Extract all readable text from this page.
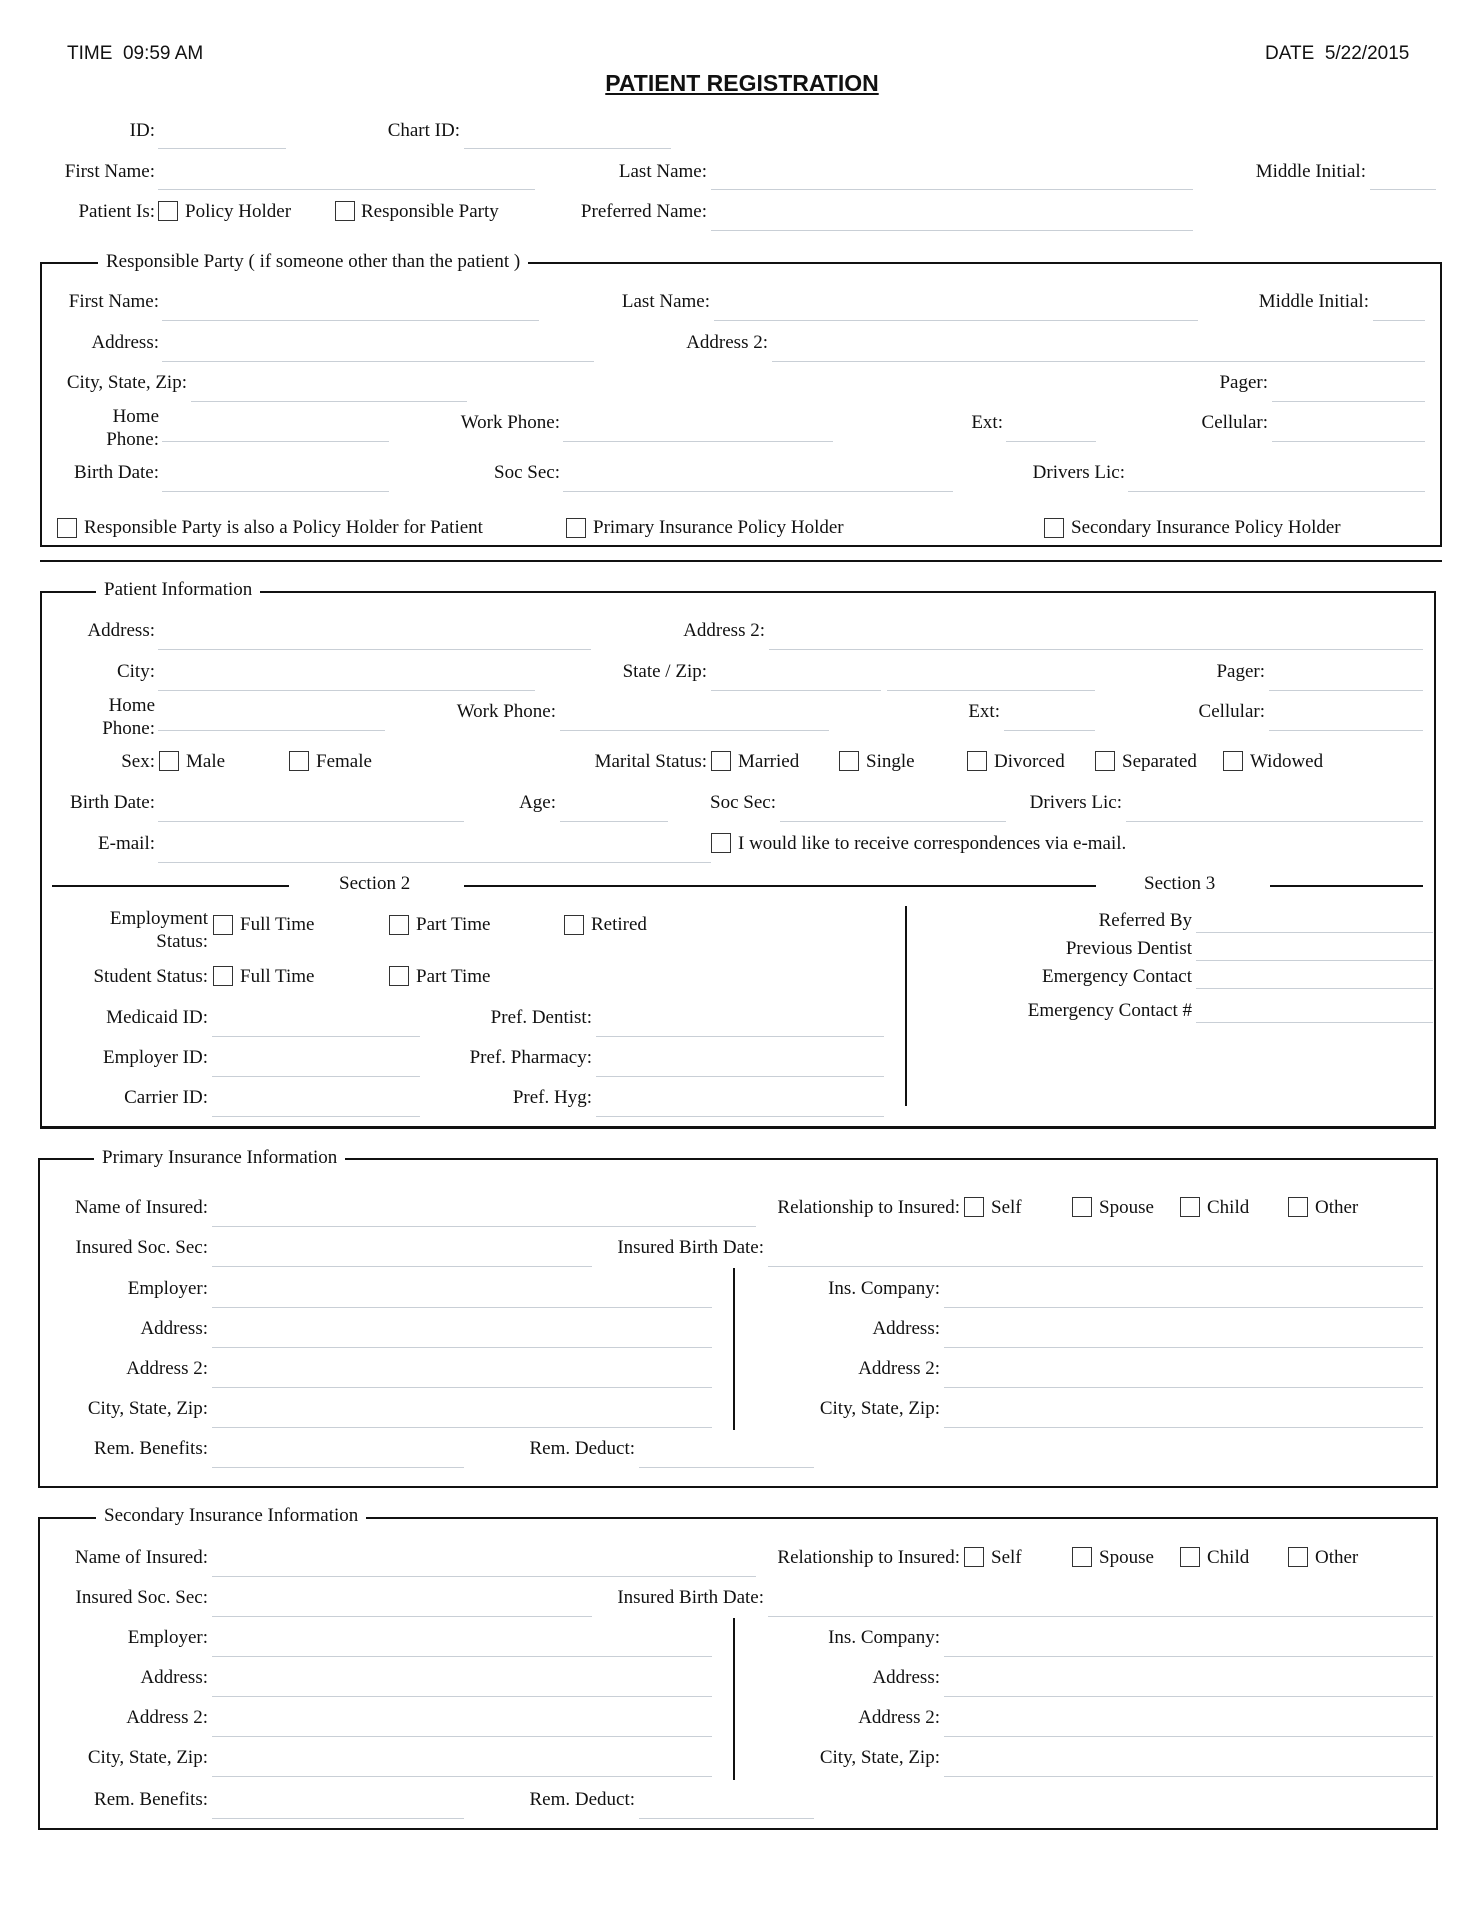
TIME 09:59 AM	DATE 5/22/2015
PATIENT REGISTRATION
ID:	Chart ID:
First Name:	Last Name:	Middle Initial:
Patient Is: Policy Holder	Responsible Party	Preferred Name:
Responsible Party ( if someone other than the patient )
First Name:	Last Name:	Middle Initial:
Address:	Address 2:
City, State, Zip:	Pager:
Home
Phone:
Work Phone:	Ext:	Cellular:
Birth Date:	Soc Sec:	Drivers Lic:
Responsible Party is also a Policy Holder for Patient	Primary Insurance Policy Holder	Secondary Insurance Policy Holder
Patient Information
Address:	Address 2:
City:	State / Zip:	Pager:
Home
Phone:
Work Phone:	Ext:	Cellular:
Sex: Male	Female	Marital Status: Married	Single	Divorced	Separated	Widowed
Birth Date:	Age:	Soc Sec:	Drivers Lic:
E-mail:	I would like to receive correspondences via e-mail.
Section 2	Section 3
Employment
Status:
Full Time	Part Time	Retired
Student Status: Full Time	Part Time
Medicaid ID:	Pref. Dentist:
Employer ID:	Pref. Pharmacy:
Carrier ID:	Pref. Hyg:
Referred By
Previous Dentist
Emergency Contact
Emergency Contact #
Primary Insurance Information
Name of Insured:	Relationship to Insured: Self	Spouse	Child	Other
Insured Soc. Sec:	Insured Birth Date:
Employer:	Ins. Company:
Address:	Address:
Address 2:	Address 2:
City, State, Zip:	City, State, Zip:
Rem. Benefits:	Rem. Deduct:
Secondary Insurance Information
Name of Insured:	Relationship to Insured: Self	Spouse	Child	Other
Insured Soc. Sec:	Insured Birth Date:
Employer:	Ins. Company:
Address:	Address:
Address 2:	Address 2:
City, State, Zip:	City, State, Zip:
Rem. Benefits:	Rem. Deduct:
